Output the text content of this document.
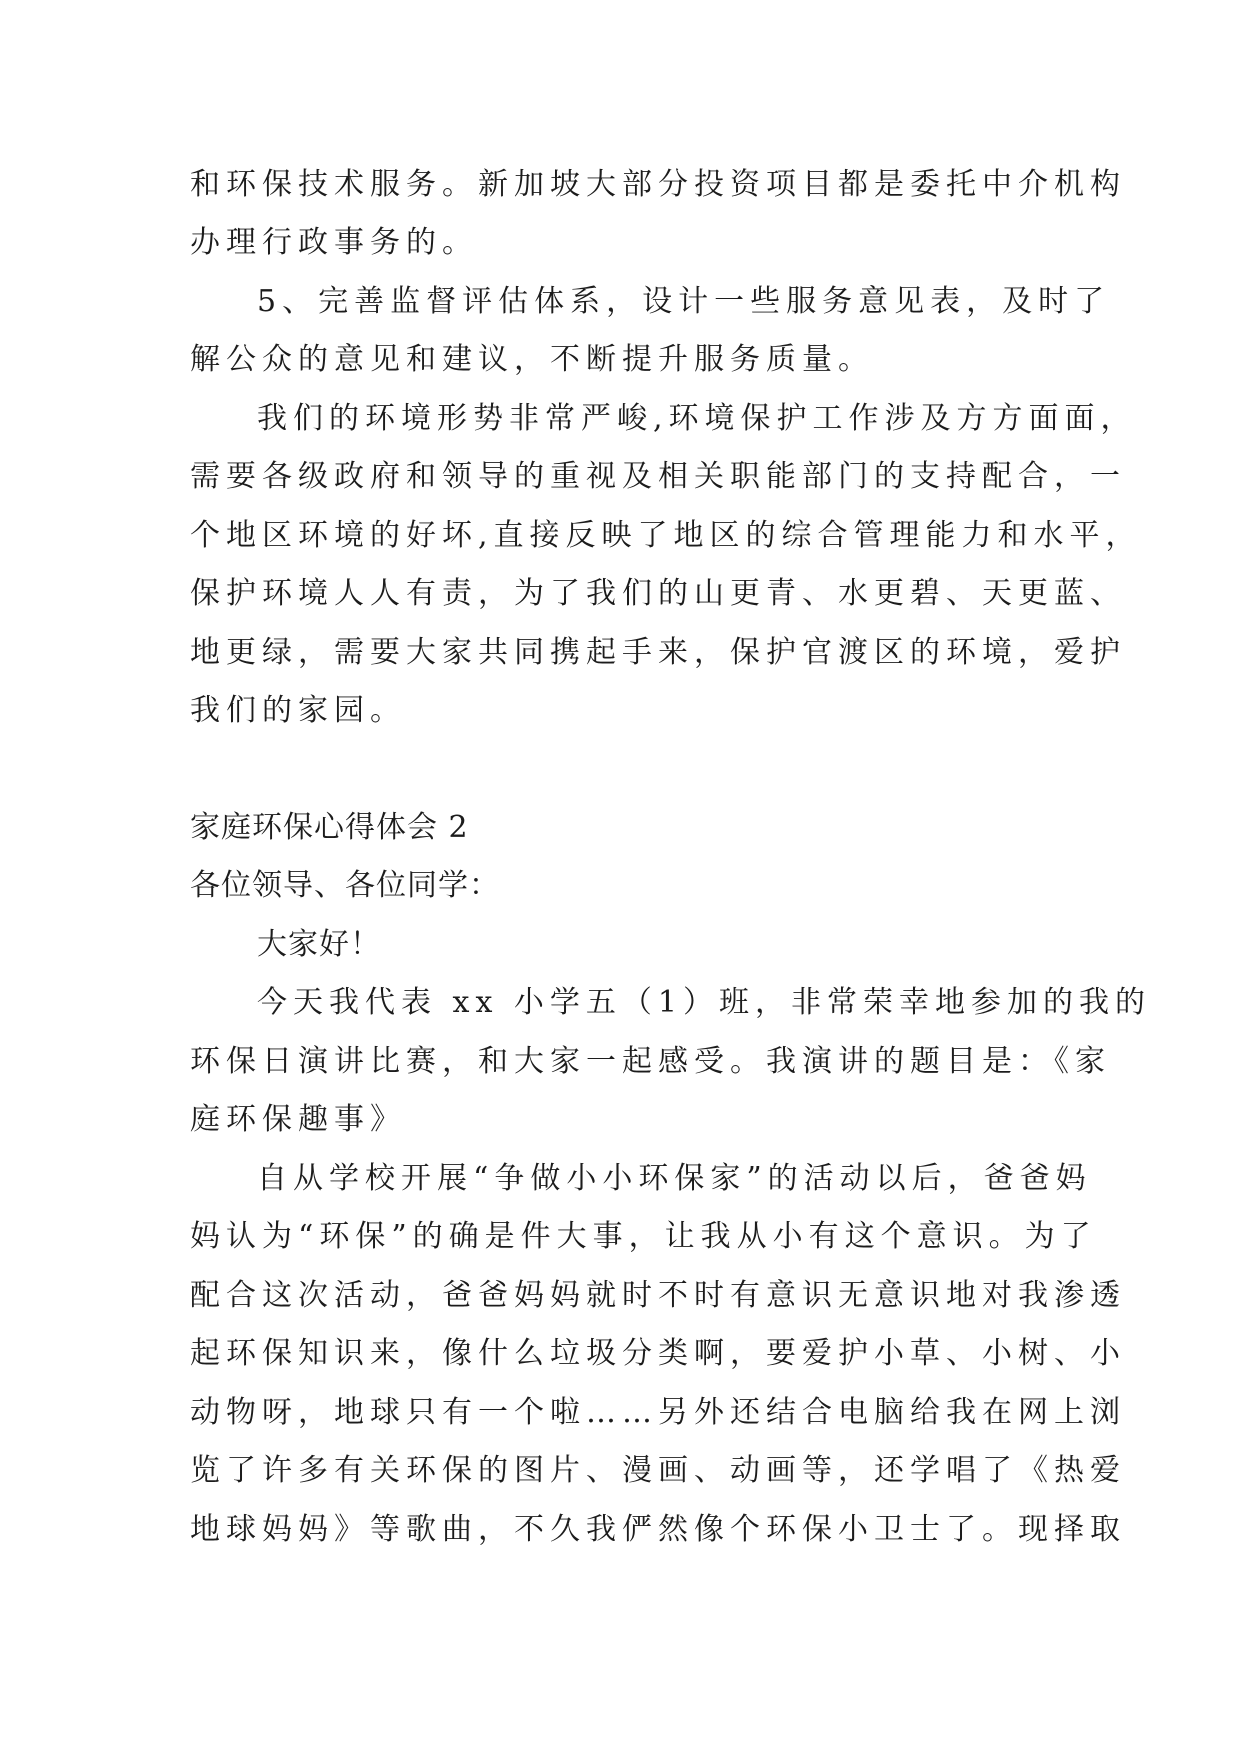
和环保技术服务。新加坡大部分投资项目都是委托中介机构
办理行政事务的。
5、完善监督评估体系，设计一些服务意见表，及时了
解公众的意见和建议，不断提升服务质量。
我们的环境形势非常严峻,环境保护工作涉及方方面面，
需要各级政府和领导的重视及相关职能部门的支持配合，一
个地区环境的好坏,直接反映了地区的综合管理能力和水平，
保护环境人人有责，为了我们的山更青、水更碧、天更蓝、
地更绿，需要大家共同携起手来，保护官渡区的环境，爱护
我们的家园。
家庭环保心得体会 2
各位领导、各位同学：
大家好！
今天我代表 xx 小学五（1）班，非常荣幸地参加的我的
环保日演讲比赛，和大家一起感受。我演讲的题目是：《家
庭环保趣事》
自从学校开展“争做小小环保家”的活动以后，爸爸妈
妈认为“环保”的确是件大事，让我从小有这个意识。为了
配合这次活动，爸爸妈妈就时不时有意识无意识地对我渗透
起环保知识来，像什么垃圾分类啊，要爱护小草、小树、小
动物呀，地球只有一个啦……另外还结合电脑给我在网上浏
览了许多有关环保的图片、漫画、动画等，还学唱了《热爱
地球妈妈》等歌曲，不久我俨然像个环保小卫士了。现择取
